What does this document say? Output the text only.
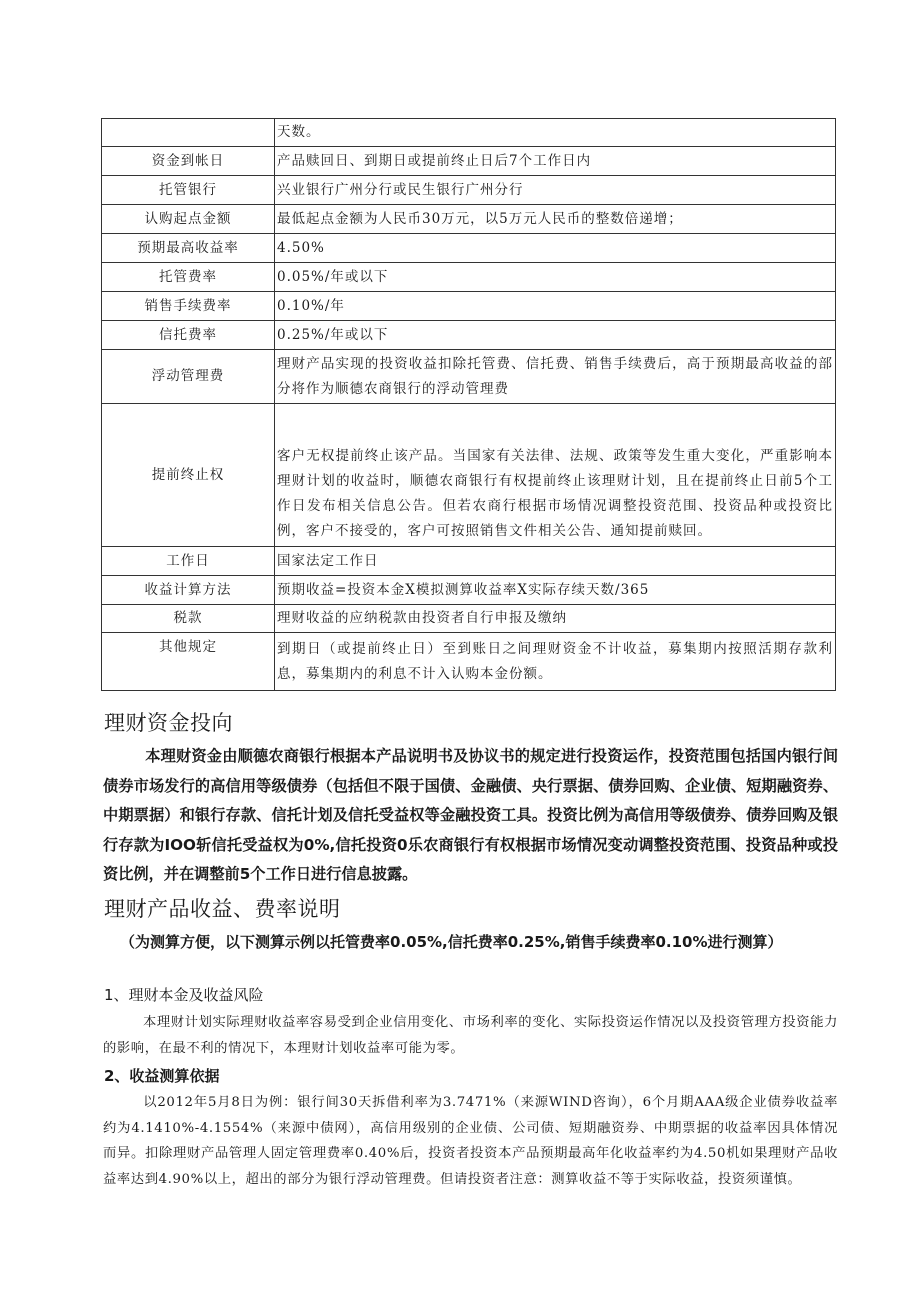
	天数。
资金到帐日	产品赎回日、到期日或提前终止日后7个工作日内
托管银行	兴业银行广州分行或民生银行广州分行
认购起点金额	最低起点金额为人民币30万元，以5万元人民币的整数倍递增；
预期最高收益率	4.50%
托管费率	0.05%/年或以下
销售手续费率	0.10%/年
信托费率	0.25%/年或以下
浮动管理费	理财产品实现的投资收益扣除托管费、信托费、销售手续费后，高于预期最高收益的部分将作为顺德农商银行的浮动管理费
提前终止权	客户无权提前终止该产品。当国家有关法律、法规、政策等发生重大变化，严重影响本理财计划的收益时，顺德农商银行有权提前终止该理财计划，且在提前终止日前5个工作日发布相关信息公告。但若农商行根据市场情况调整投资范围、投资品种或投资比例，客户不接受的，客户可按照销售文件相关公告、通知提前赎回。
工作日	国家法定工作日
收益计算方法	预期收益=投资本金X模拟测算收益率X实际存续天数/365
税款	理财收益的应纳税款由投资者自行申报及缴纳
其他规定	到期日（或提前终止日）至到账日之间理财资金不计收益，募集期内按照活期存款利息，募集期内的利息不计入认购本金份额。
理财资金投向
本理财资金由顺德农商银行根据本产品说明书及协议书的规定进行投资运作，投资范围包括国内银行间债券市场发行的高信用等级债券（包括但不限于国债、金融债、央行票据、债券回购、企业债、短期融资券、中期票据）和银行存款、信托计划及信托受益权等金融投资工具。投资比例为高信用等级债券、债券回购及银行存款为IOO斩信托受益权为0%,信托投资0乐农商银行有权根据市场情况变动调整投资范围、投资品种或投资比例，并在调整前5个工作日进行信息披露。
理财产品收益、费率说明
（为测算方便，以下测算示例以托管费率0.05%,信托费率0.25%,销售手续费率0.10%进行测算）
1、理财本金及收益风险
本理财计划实际理财收益率容易受到企业信用变化、市场利率的变化、实际投资运作情况以及投资管理方投资能力的影响，在最不利的情况下，本理财计划收益率可能为零。
2、收益测算依据
以2012年5月8日为例：银行间30天拆借利率为3.7471%（来源WIND咨询），6个月期AAA级企业债券收益率约为4.1410%-4.1554%（来源中债网），高信用级别的企业债、公司债、短期融资券、中期票据的收益率因具体情况而异。扣除理财产品管理人固定管理费率0.40%后，投资者投资本产品预期最高年化收益率约为4.50机如果理财产品收益率达到4.90%以上，超出的部分为银行浮动管理费。但请投资者注意：测算收益不等于实际收益，投资须谨慎。
